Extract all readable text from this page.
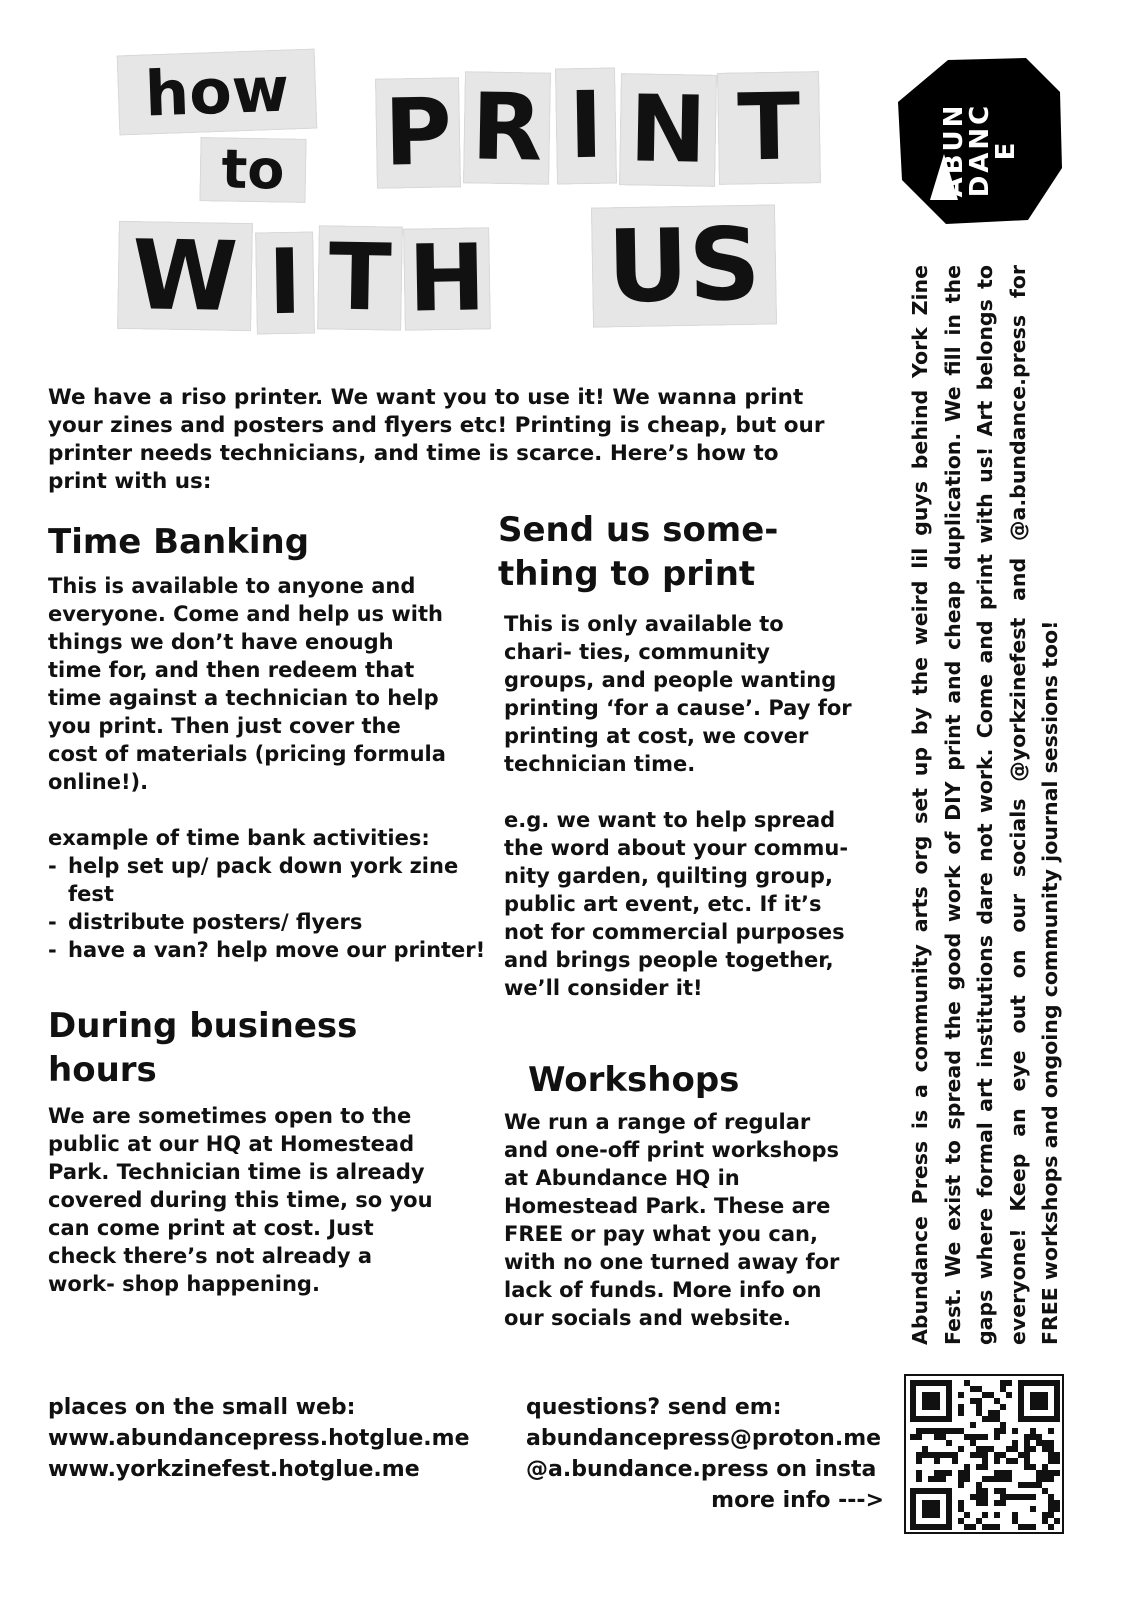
how
to P R I N T
W I T H US
ABUNDANCE

We have a riso printer. We want you to use it! We wanna print your zines and posters and flyers etc! Printing is cheap, but our printer needs technicians, and time is scarce. Here’s how to print with us:

Time Banking

This is available to anyone and everyone. Come and help us with things we don’t have enough time for, and then redeem that time against a technician to help you print. Then just cover the cost of materials (pricing formula online!).

example of time bank activities:

- help set up/ pack down york zine fest
- distribute posters/ flyers
- have a van? help move our printer!
Send us some-
thing to print

This is only available to chari- ties, community groups, and people wanting printing ‘for a cause’. Pay for printing at cost, we cover technician time.

e.g. we want to help spread the word about your commu- nity garden, quilting group, public art event, etc. If it’s not for commercial purposes and brings people together, we’ll consider it!

During business
hours

We are sometimes open to the public at our HQ at Homestead Park. Technician time is already covered during this time, so you can come print at cost. Just check there’s not already a work- shop happening.

Workshops

We run a range of regular and one-off print workshops at Abundance HQ in Homestead Park. These are FREE or pay what you can, with no one turned away for lack of funds. More info on our socials and website.	Abundance Press is a community arts org set up by the weird lil guys behind York Zine Fest. We exist to spread the good work of DIY print and cheap duplication. We fill in the gaps where formal art institutions dare not work. Come and print with us! Art belongs to everyone! Keep an eye out on our socials @yorkzinefest and @a.bundance.press for FREE workshops and ongoing community journal sessions too!

places on the small web:

www.abundancepress.hotglue.me

www.yorkzinefest.hotglue.me

questions? send em:

abundancepress@proton.me

@a.bundance.press on insta

more info --->
